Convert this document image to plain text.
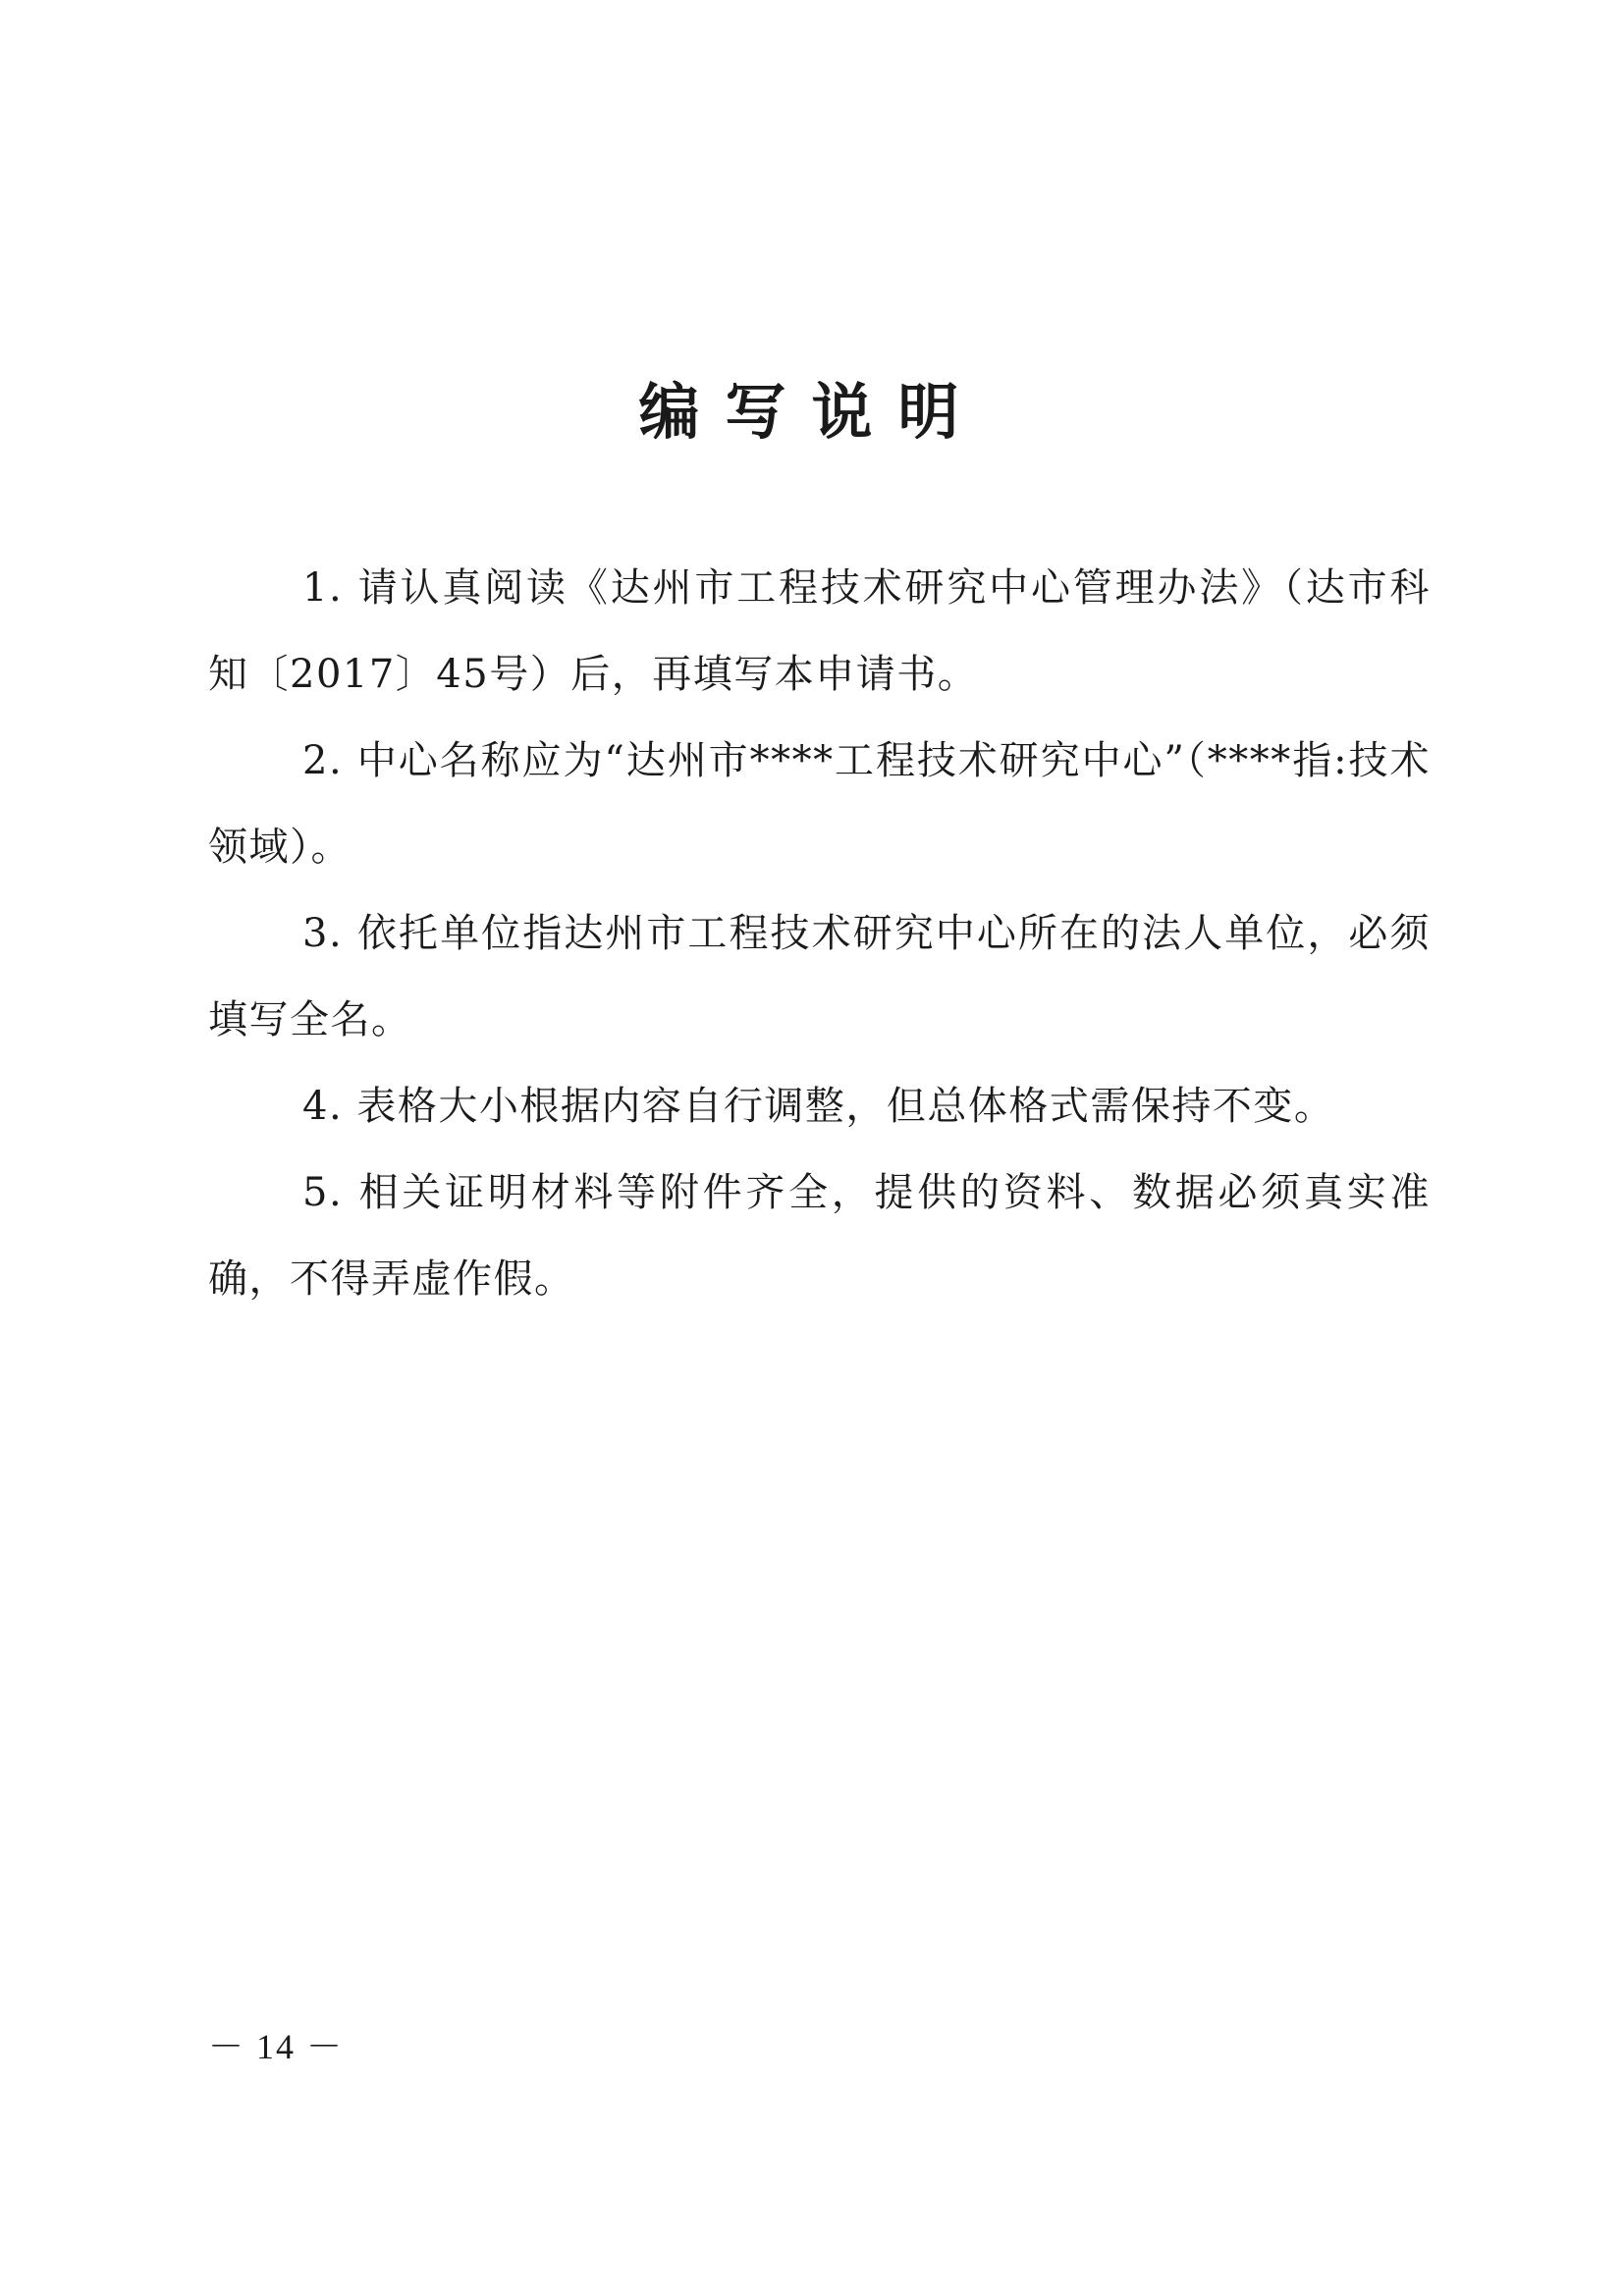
编写说明

1. 请认真阅读《达州市工程技术研究中心管理办法》（达市科知〔2017〕45号）后，再填写本申请书。

2. 中心名称应为“达州市****工程技术研究中心”（****指:技术领域）。

3. 依托单位指达州市工程技术研究中心所在的法人单位，必须填写全名。

4. 表格大小根据内容自行调整，但总体格式需保持不变。

5. 相关证明材料等附件齐全，提供的资料、数据必须真实准确，不得弄虚作假。

－ 14 －
